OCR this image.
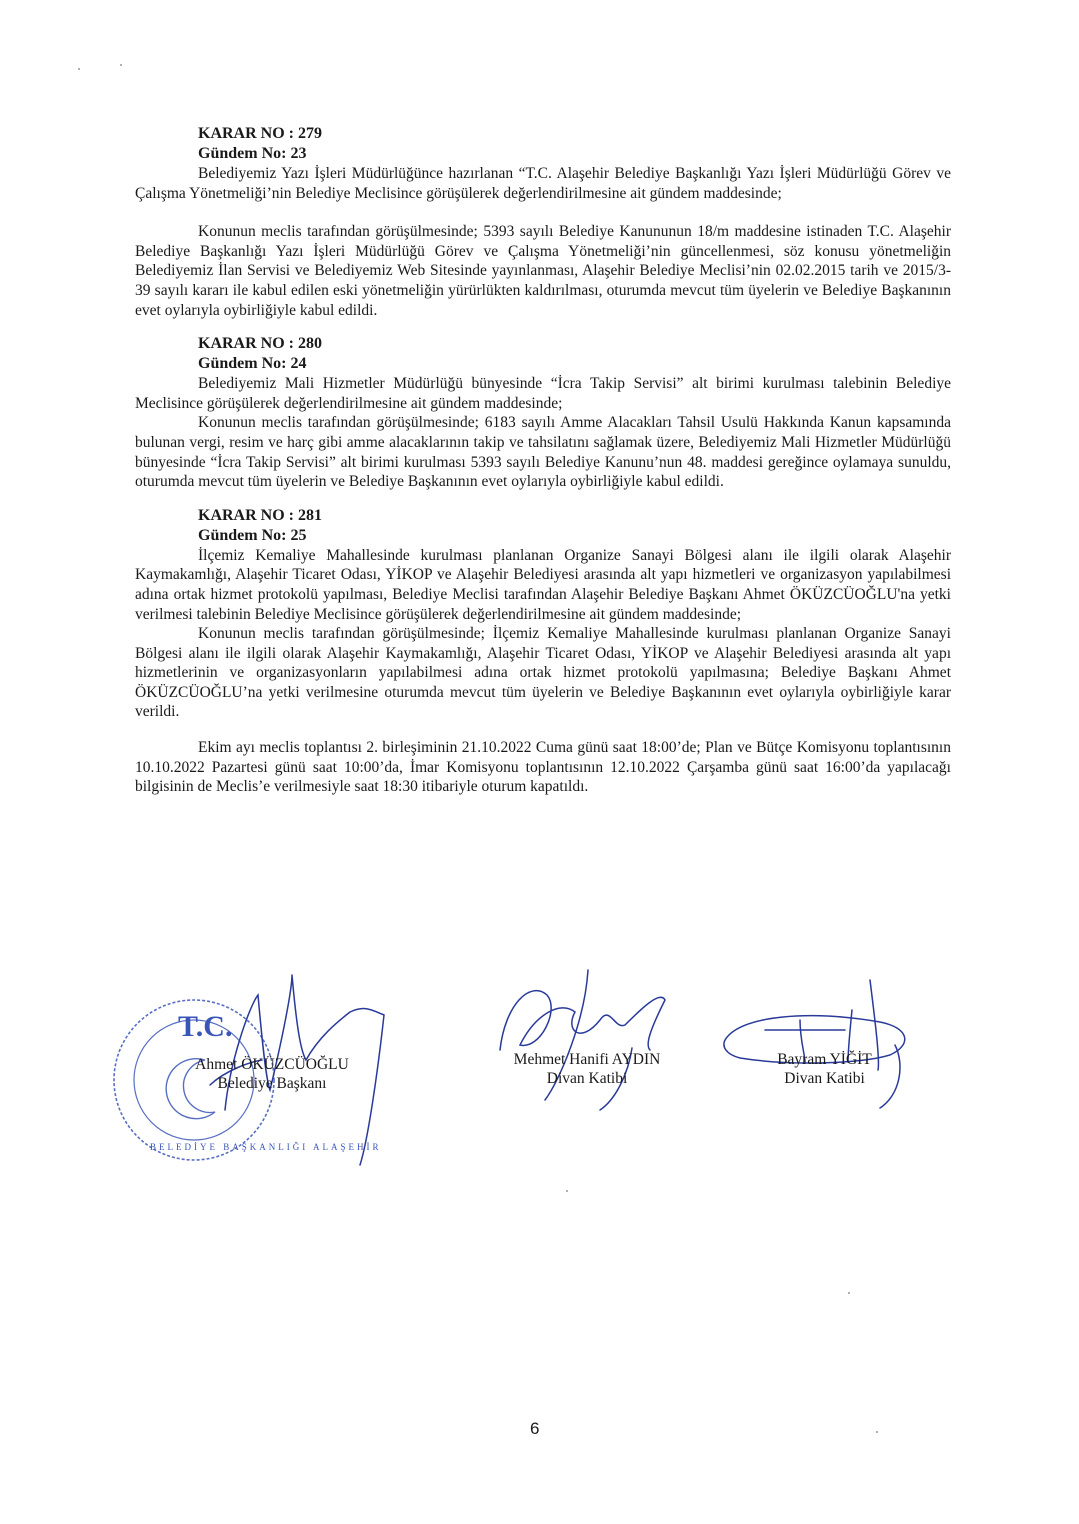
KARAR NO : 279
Gündem No: 23

Belediyemiz Yazı İşleri Müdürlüğünce hazırlanan “T.C. Alaşehir Belediye Başkanlığı Yazı İşleri Müdürlüğü Görev ve Çalışma Yönetmeliği’nin Belediye Meclisince görüşülerek değerlendirilmesine ait gündem maddesinde;

Konunun meclis tarafından görüşülmesinde; 5393 sayılı Belediye Kanununun 18/m maddesine istinaden T.C. Alaşehir Belediye Başkanlığı Yazı İşleri Müdürlüğü Görev ve Çalışma Yönetmeliği’nin güncellenmesi, söz konusu yönetmeliğin Belediyemiz İlan Servisi ve Belediyemiz Web Sitesinde yayınlanması, Alaşehir Belediye Meclisi’nin 02.02.2015 tarih ve 2015/3-39 sayılı kararı ile kabul edilen eski yönetmeliğin yürürlükten kaldırılması, oturumda mevcut tüm üyelerin ve Belediye Başkanının evet oylarıyla oybirliğiyle kabul edildi.

KARAR NO : 280
Gündem No: 24

Belediyemiz Mali Hizmetler Müdürlüğü bünyesinde “İcra Takip Servisi” alt birimi kurulması talebinin Belediye Meclisince görüşülerek değerlendirilmesine ait gündem maddesinde;

Konunun meclis tarafından görüşülmesinde; 6183 sayılı Amme Alacakları Tahsil Usulü Hakkında Kanun kapsamında bulunan vergi, resim ve harç gibi amme alacaklarının takip ve tahsilatını sağlamak üzere, Belediyemiz Mali Hizmetler Müdürlüğü bünyesinde “İcra Takip Servisi” alt birimi kurulması 5393 sayılı Belediye Kanunu’nun 48. maddesi gereğince oylamaya sunuldu, oturumda mevcut tüm üyelerin ve Belediye Başkanının evet oylarıyla oybirliğiyle kabul edildi.

KARAR NO : 281
Gündem No: 25

İlçemiz Kemaliye Mahallesinde kurulması planlanan Organize Sanayi Bölgesi alanı ile ilgili olarak Alaşehir Kaymakamlığı, Alaşehir Ticaret Odası, YİKOP ve Alaşehir Belediyesi arasında alt yapı hizmetleri ve organizasyon yapılabilmesi adına ortak hizmet protokolü yapılması, Belediye Meclisi tarafından Alaşehir Belediye Başkanı Ahmet ÖKÜZCÜOĞLU'na yetki verilmesi talebinin Belediye Meclisince görüşülerek değerlendirilmesine ait gündem maddesinde;

Konunun meclis tarafından görüşülmesinde; İlçemiz Kemaliye Mahallesinde kurulması planlanan Organize Sanayi Bölgesi alanı ile ilgili olarak Alaşehir Kaymakamlığı, Alaşehir Ticaret Odası, YİKOP ve Alaşehir Belediyesi arasında alt yapı hizmetlerinin ve organizasyonların yapılabilmesi adına ortak hizmet protokolü yapılmasına; Belediye Başkanı Ahmet ÖKÜZCÜOĞLU’na yetki verilmesine oturumda mevcut tüm üyelerin ve Belediye Başkanının evet oylarıyla oybirliğiyle karar verildi.

Ekim ayı meclis toplantısı 2. birleşiminin 21.10.2022 Cuma günü saat 18:00’de; Plan ve Bütçe Komisyonu toplantısının 10.10.2022 Pazartesi günü saat 10:00’da, İmar Komisyonu toplantısının 12.10.2022 Çarşamba günü saat 16:00’da yapılacağı bilgisinin de Meclis’e verilmesiyle saat 18:30 itibariyle oturum kapatıldı.

T.C.
BELEDİYE BAŞKANLIĞI ALAŞEHİR
Ahmet ÖKÜZCÜOĞLU
Belediye Başkanı
Mehmet Hanifi AYDIN
Divan Katibi
Bayram YİĞİT
Divan Katibi
6
